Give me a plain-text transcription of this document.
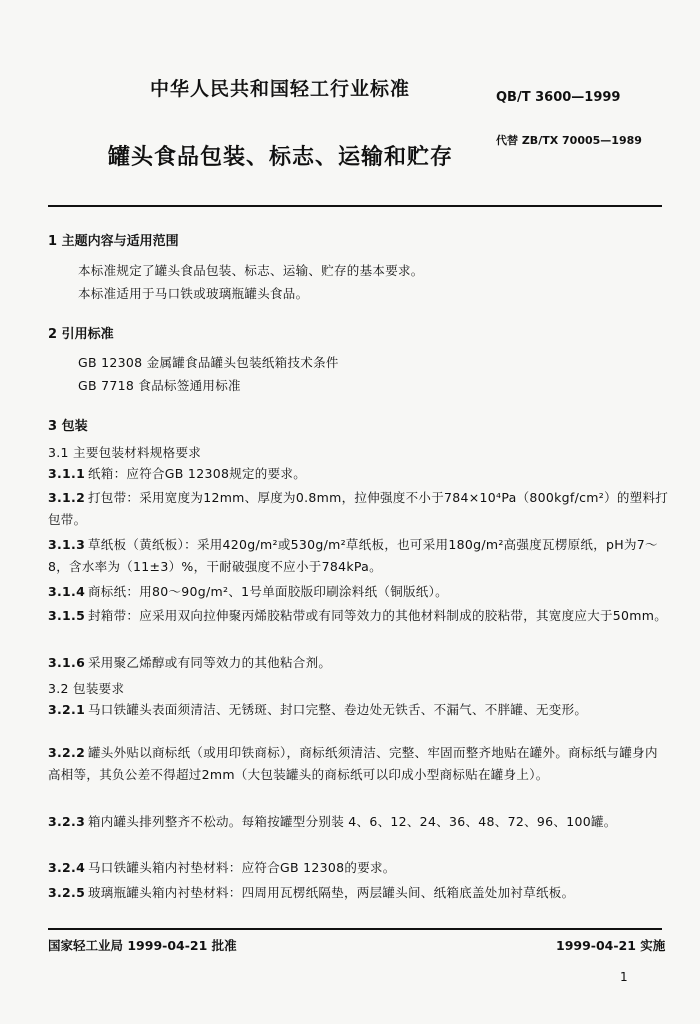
中华人民共和国轻工行业标准	QB/T 3600—1999
罐头食品包装、标志、运输和贮存
代替 ZB/TX 70005—1989
1 主题内容与适用范围
本标准规定了罐头食品包装、标志、运输、贮存的基本要求。
本标准适用于马口铁或玻璃瓶罐头食品。
2 引用标准
GB 12308 金属罐食品罐头包装纸箱技术条件
GB 7718 食品标签通用标准
3 包装
3.1 主要包装材料规格要求
3.1.1 纸箱：应符合GB 12308规定的要求。
3.1.2 打包带：采用宽度为12mm、厚度为0.8mm，拉伸强度不小于784×10⁴Pa（800kgf/cm²）的塑料打包带。
3.1.3 草纸板（黄纸板）：采用420g/m²或530g/m²草纸板，也可采用180g/m²高强度瓦楞原纸，pH为7～8，含水率为（11±3）%，干耐破强度不应小于784kPa。
3.1.4 商标纸：用80～90g/m²、1号单面胶版印刷涂料纸（铜版纸）。
3.1.5 封箱带：应采用双向拉伸聚丙烯胶粘带或有同等效力的其他材料制成的胶粘带，其宽度应大于50mm。
3.1.6 采用聚乙烯醇或有同等效力的其他粘合剂。
3.2 包装要求
3.2.1 马口铁罐头表面须清洁、无锈斑、封口完整、卷边处无铁舌、不漏气、不胖罐、无变形。
3.2.2 罐头外贴以商标纸（或用印铁商标），商标纸须清洁、完整、牢固而整齐地贴在罐外。商标纸与罐身内高相等，其负公差不得超过2mm（大包装罐头的商标纸可以印成小型商标贴在罐身上）。
3.2.3 箱内罐头排列整齐不松动。每箱按罐型分别装 4、6、12、24、36、48、72、96、100罐。
3.2.4 马口铁罐头箱内衬垫材料：应符合GB 12308的要求。
3.2.5 玻璃瓶罐头箱内衬垫材料：四周用瓦楞纸隔垫，两层罐头间、纸箱底盖处加衬草纸板。
国家轻工业局 1999-04-21 批准	1999-04-21 实施
1
